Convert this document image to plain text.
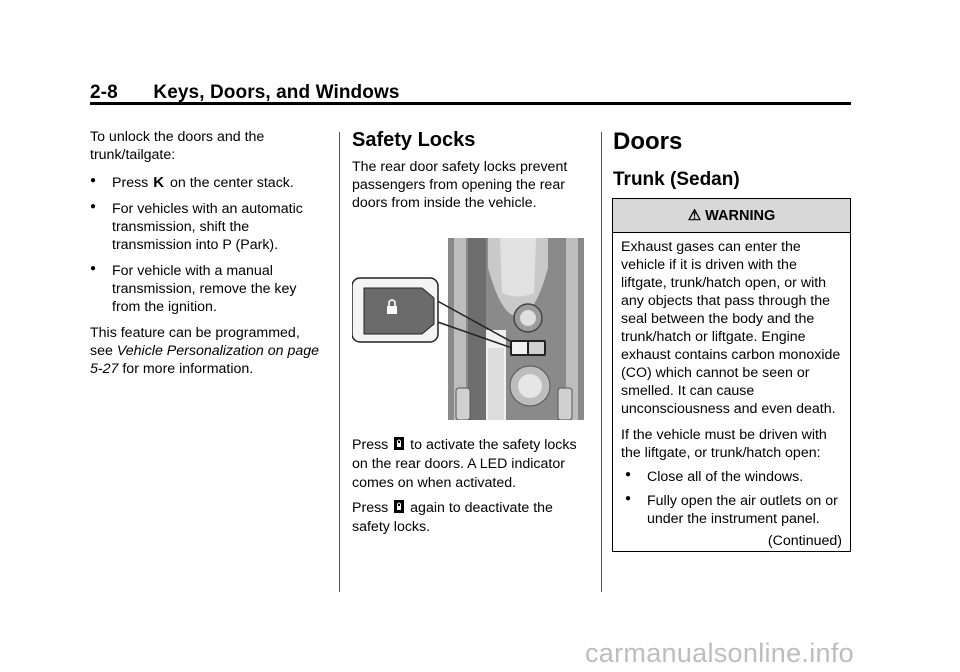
2-8 Keys, Doors, and Windows

To unlock the doors and the trunk/tailgate:

● Press K on the center stack.
● For vehicles with an automatic transmission, shift the transmission into P (Park).
● For vehicle with a manual transmission, remove the key from the ignition.

This feature can be programmed, see Vehicle Personalization on page 5-27 for more information.

Safety Locks

The rear door safety locks prevent passengers from opening the rear doors from inside the vehicle.

Press to activate the safety locks on the rear doors. A LED indicator comes on when activated.

Press again to deactivate the safety locks.

Doors
Trunk (Sedan)
⚠ WARNING

Exhaust gases can enter the vehicle if it is driven with the liftgate, trunk/hatch open, or with any objects that pass through the seal between the body and the trunk/hatch or liftgate. Engine exhaust contains carbon monoxide (CO) which cannot be seen or smelled. It can cause unconsciousness and even death.

If the vehicle must be driven with the liftgate, or trunk/hatch open:

● Close all of the windows.
● Fully open the air outlets on or under the instrument panel.

(Continued)

carmanualsonline.info
